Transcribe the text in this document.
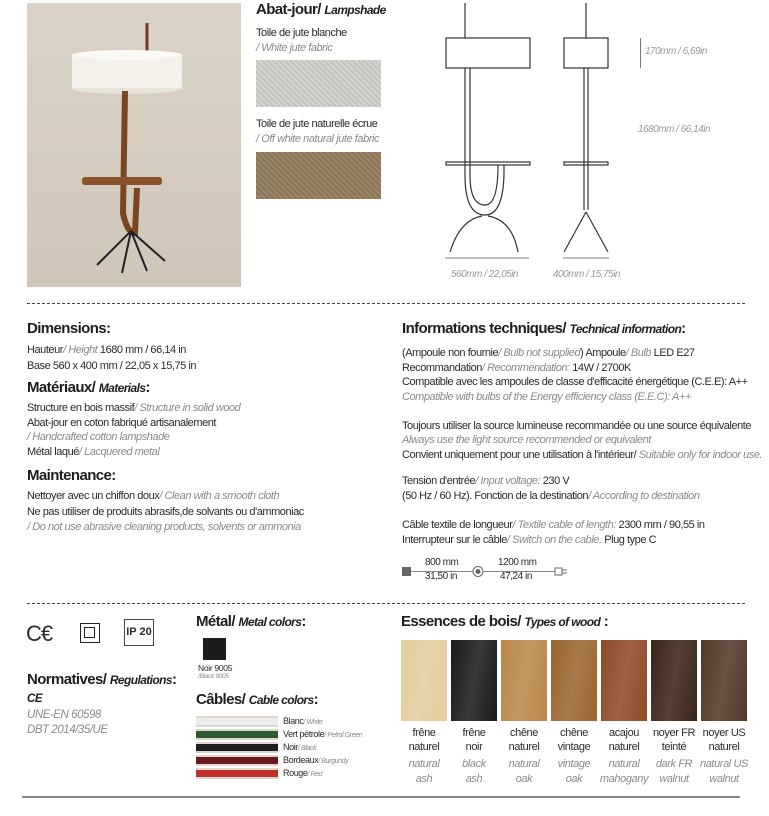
Abat-jour/ Lampshade
Toile de jute blanche
/ White jute fabric
Toile de jute naturelle écrue
/ Off white natural jute fabric
170mm / 6,69in
1680mm / 66,14in
560mm / 22,05in	400mm / 15,75in
Dimensions:
Hauteur/ Height 1680 mm / 66,14 in
Base 560 x 400 mm / 22,05 x 15,75 in
Matériaux/ Materials:
Structure en bois massif/ Structure in solid wood
Abat-jour en coton fabriqué artisanalement
/ Handcrafted cotton lampshade
Métal laqué/ Lacquered metal
Maintenance:
Nettoyer avec un chiffon doux/ Clean with a smooth cloth
Ne pas utiliser de produits abrasifs,de solvants ou d'ammoniac
/ Do not use abrasive cleaning products, solvents or ammonia
Informations techniques/ Technical information:
(Ampoule non fournie/ Bulb not supplied) Ampoule/ Bulb LED E27
Recommandation/ Recommendation: 14W / 2700K
Compatible avec les ampoules de classe d'efficacité énergétique (C.E.E): A++
Compatible with bulbs of the Energy efficiency class (E.E.C): A++
Toujours utiliser la source lumineuse recommandée ou une source équivalente
Always use the light source recommended or equivalent
Convient uniquement pour une utilisation à l'intérieur/ Suitable only for indoor use.
Tension d'entrée/ Input voltage: 230 V
(50 Hz / 60 Hz). Fonction de la destination/ According to destination
Câble textile de longueur/ Textile cable of length: 2300 mm / 90,55 in
Interrupteur sur le câble/ Switch on the cable. Plug type C
800 mm
31,50 in
1200 mm
47,24 in
C€	IP 20
Normatives/ Regulations:
CE
UNE-EN 60598
DBT 2014/35/UE
Métal/ Metal colors:
Noir 9005
/Black 9005
Câbles/ Cable colors:
Blanc/ White
Vert pétrole/ Petrol Green
Noir/ Black
Bordeaux/ Burgundy
Rouge/ Red
Essences de bois/ Types of wood :
frêne
naturel
natural
ash
frêne
noir
black
ash
chêne
naturel
natural
oak
chêne
vintage
vintage
oak
acajou
naturel
natural
mahogany
noyer FR
teinté
dark FR
walnut
noyer US
naturel
natural US
walnut
